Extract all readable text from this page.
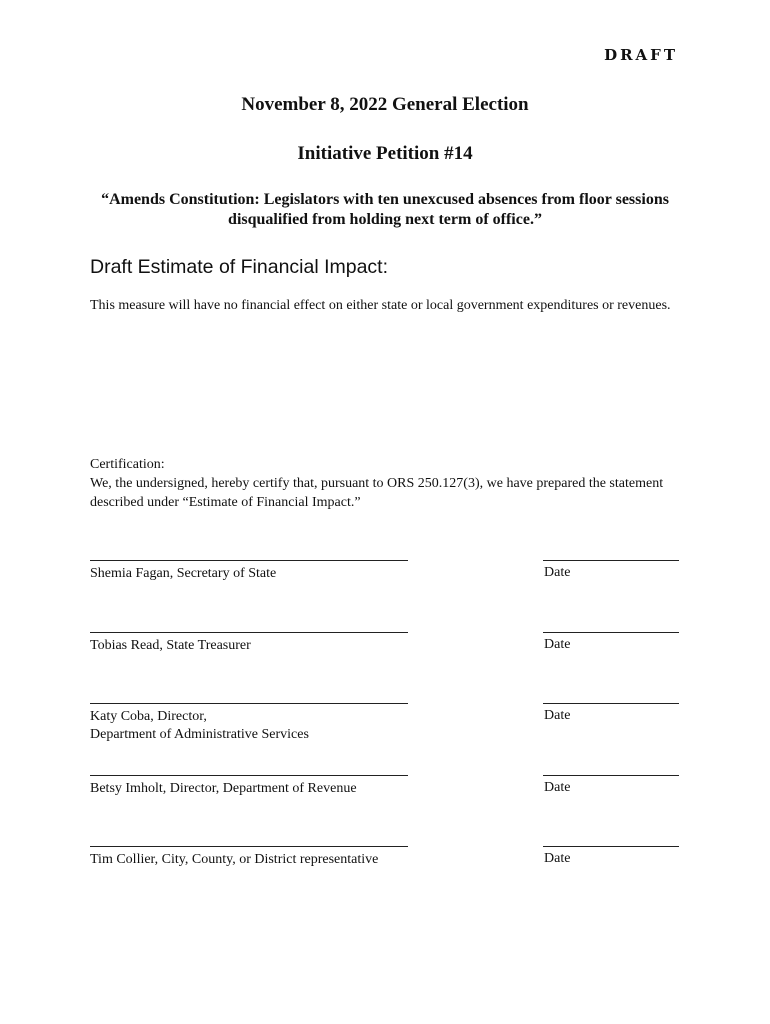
DRAFT
November 8, 2022 General Election
Initiative Petition #14
“Amends Constitution: Legislators with ten unexcused absences from floor sessions disqualified from holding next term of office.”
Draft Estimate of Financial Impact:
This measure will have no financial effect on either state or local government expenditures or revenues.
Certification:
We, the undersigned, hereby certify that, pursuant to ORS 250.127(3), we have prepared the statement described under “Estimate of Financial Impact.”
Shemia Fagan, Secretary of State	Date
Tobias Read, State Treasurer	Date
Katy Coba, Director,
Department of Administrative Services
Date
Betsy Imholt, Director, Department of Revenue	Date
Tim Collier, City, County, or District representative	Date
